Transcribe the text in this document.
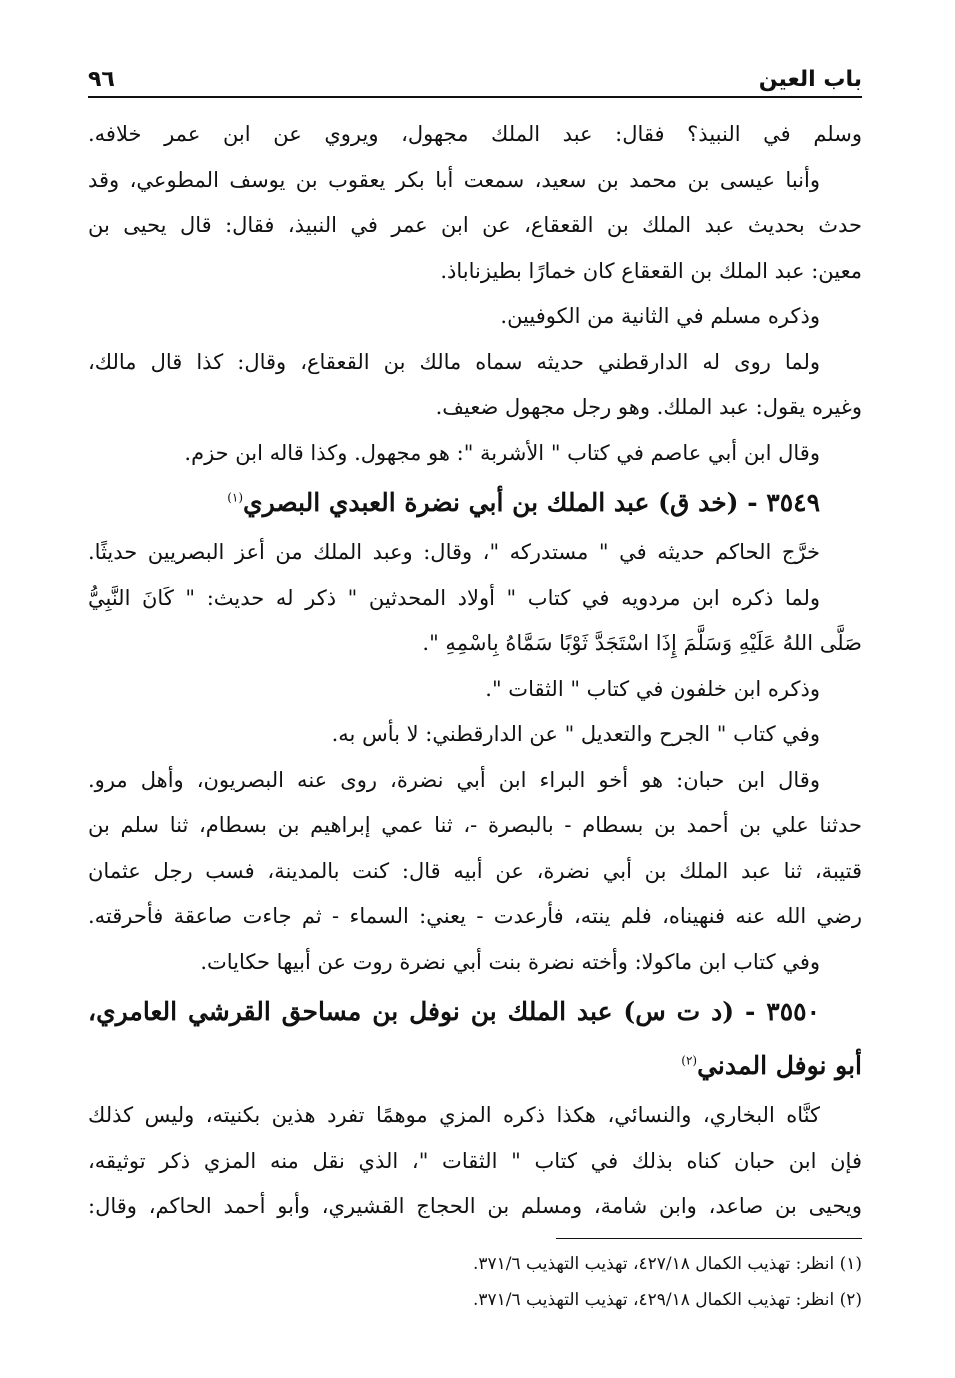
باب العين
٩٦
وسلم في النبيذ؟ فقال: عبد الملك مجهول، ويروي عن ابن عمر خلافه.
وأنبا عيسى بن محمد بن سعيد، سمعت أبا بكر يعقوب بن يوسف المطوعي، وقد
حدث بحديث عبد الملك بن القعقاع، عن ابن عمر في النبيذ، فقال: قال يحيى بن
معين: عبد الملك بن القعقاع كان خمارًا بطيزناباذ.
وذكره مسلم في الثانية من الكوفيين.
ولما روى له الدارقطني حديثه سماه مالك بن القعقاع، وقال: كذا قال مالك،
وغيره يقول: عبد الملك. وهو رجل مجهول ضعيف.
وقال ابن أبي عاصم في كتاب " الأشربة ": هو مجهول. وكذا قاله ابن حزم.
٣٥٤٩ - (خد ق) عبد الملك بن أبي نضرة العبدي البصري$^{(١)}$
خرَّج الحاكم حديثه في " مستدركه "، وقال: وعبد الملك من أعز البصريين حديثًا.
ولما ذكره ابن مردويه في كتاب " أولاد المحدثين " ذكر له حديث: " كَانَ النَّبِيُّ
صَلَّى اللهُ عَلَيْهِ وَسَلَّمَ إِذَا اسْتَجَدَّ ثَوْبًا سَمَّاهُ بِاسْمِهِ ".
وذكره ابن خلفون في كتاب " الثقات ".
وفي كتاب " الجرح والتعديل " عن الدارقطني: لا بأس به.
وقال ابن حبان: هو أخو البراء ابن أبي نضرة، روى عنه البصريون، وأهل مرو.
حدثنا علي بن أحمد بن بسطام - بالبصرة -، ثنا عمي إبراهيم بن بسطام، ثنا سلم بن
قتيبة، ثنا عبد الملك بن أبي نضرة، عن أبيه قال: كنت بالمدينة، فسب رجل عثمان
رضي الله عنه فنهيناه، فلم ينته، فأرعدت - يعني: السماء - ثم جاءت صاعقة فأحرقته.
وفي كتاب ابن ماكولا: وأخته نضرة بنت أبي نضرة روت عن أبيها حكايات.
٣٥٥٠ - (د ت س) عبد الملك بن نوفل بن مساحق القرشي العامري،
أبو نوفل المدني$^{(٢)}$
كنَّاه البخاري، والنسائي، هكذا ذكره المزي موهمًا تفرد هذين بكنيته، وليس كذلك
فإن ابن حبان كناه بذلك في كتاب " الثقات "، الذي نقل منه المزي ذكر توثيقه،
ويحيى بن صاعد، وابن شامة، ومسلم بن الحجاج القشيري، وأبو أحمد الحاكم، وقال:
(١) انظر: تهذيب الكمال ٤٢٧/١٨، تهذيب التهذيب ٣٧١/٦.
(٢) انظر: تهذيب الكمال ٤٢٩/١٨، تهذيب التهذيب ٣٧١/٦.
